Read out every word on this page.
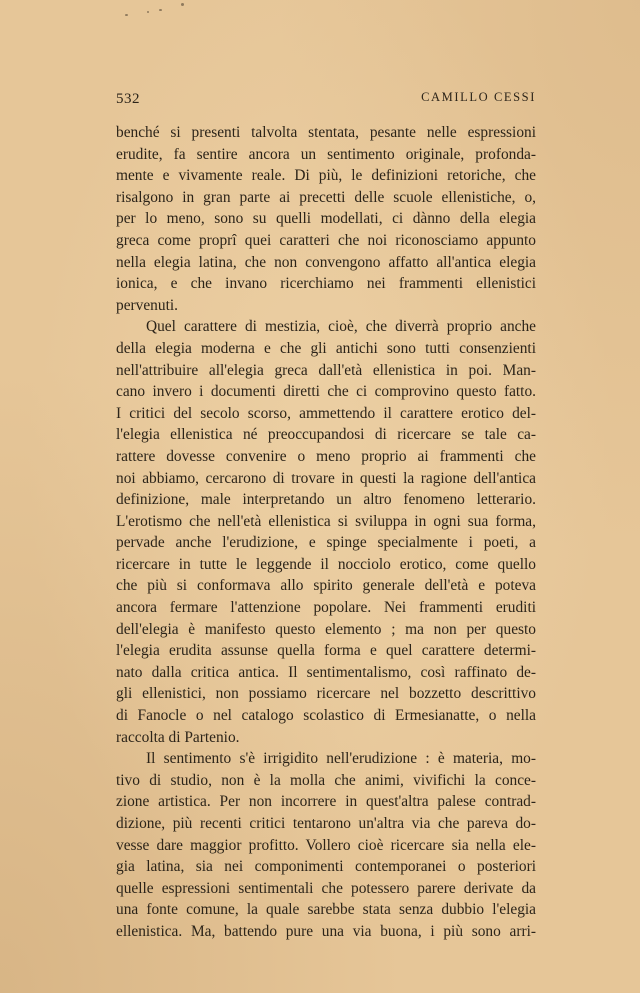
532	CAMILLO CESSI
benché si presenti talvolta stentata, pesante nelle espressioni
erudite, fa sentire ancora un sentimento originale, profonda-
mente e vivamente reale. Di più, le definizioni retoriche, che
risalgono in gran parte ai precetti delle scuole ellenistiche, o,
per lo meno, sono su quelli modellati, ci dànno della elegia
greca come proprî quei caratteri che noi riconosciamo appunto
nella elegia latina, che non convengono affatto all'antica elegia
ionica, e che invano ricerchiamo nei frammenti ellenistici
pervenuti.
Quel carattere di mestizia, cioè, che diverrà proprio anche
della elegia moderna e che gli antichi sono tutti consenzienti
nell'attribuire all'elegia greca dall'età ellenistica in poi. Man-
cano invero i documenti diretti che ci comprovino questo fatto.
I critici del secolo scorso, ammettendo il carattere erotico del-
l'elegia ellenistica né preoccupandosi di ricercare se tale ca-
rattere dovesse convenire o meno proprio ai frammenti che
noi abbiamo, cercarono di trovare in questi la ragione dell'antica
definizione, male interpretando un altro fenomeno letterario.
L'erotismo che nell'età ellenistica si sviluppa in ogni sua forma,
pervade anche l'erudizione, e spinge specialmente i poeti, a
ricercare in tutte le leggende il nocciolo erotico, come quello
che più si conformava allo spirito generale dell'età e poteva
ancora fermare l'attenzione popolare. Nei frammenti eruditi
dell'elegia è manifesto questo elemento ; ma non per questo
l'elegia erudita assunse quella forma e quel carattere determi-
nato dalla critica antica. Il sentimentalismo, così raffinato de-
gli ellenistici, non possiamo ricercare nel bozzetto descrittivo
di Fanocle o nel catalogo scolastico di Ermesianatte, o nella
raccolta di Partenio.
Il sentimento s'è irrigidito nell'erudizione : è materia, mo-
tivo di studio, non è la molla che animi, vivifichi la conce-
zione artistica. Per non incorrere in quest'altra palese contrad-
dizione, più recenti critici tentarono un'altra via che pareva do-
vesse dare maggior profitto. Vollero cioè ricercare sia nella ele-
gia latina, sia nei componimenti contemporanei o posteriori
quelle espressioni sentimentali che potessero parere derivate da
una fonte comune, la quale sarebbe stata senza dubbio l'elegia
ellenistica. Ma, battendo pure una via buona, i più sono arri-
